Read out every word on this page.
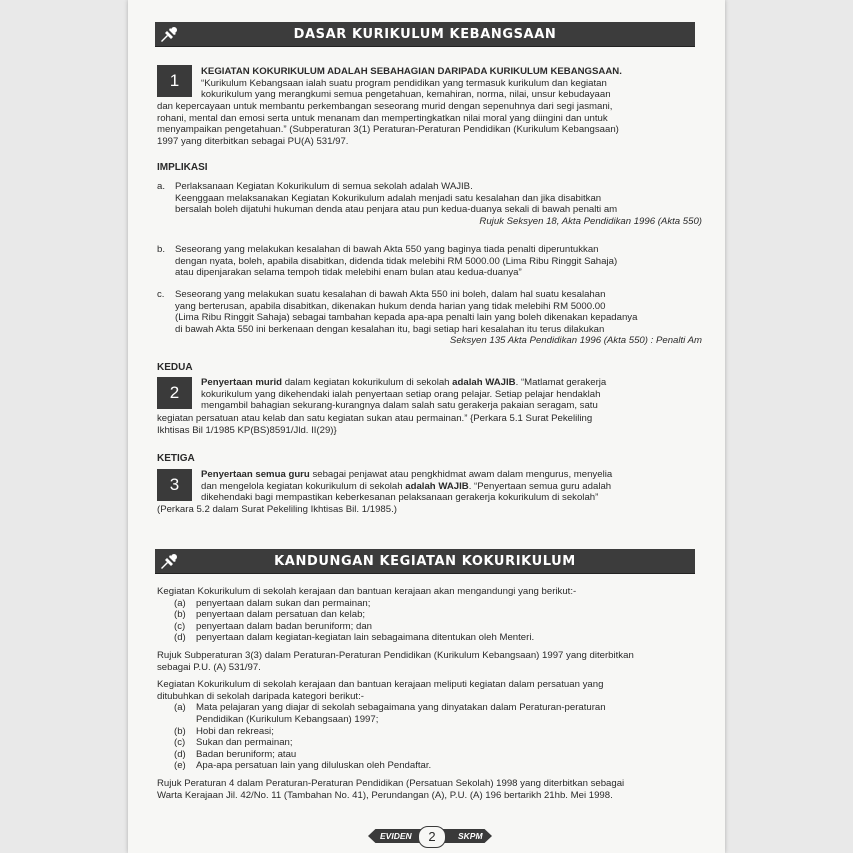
DASAR KURIKULUM KEBANGSAAN
1	KEGIATAN KOKURIKULUM ADALAH SEBAHAGIAN DARIPADA KURIKULUM KEBANGSAAN.

“Kurikulum Kebangsaan ialah suatu program pendidikan yang termasuk kurikulum dan kegiatan

kokurikulum yang merangkumi semua pengetahuan, kemahiran, norma, nilai, unsur kebudayaan

dan kepercayaan untuk membantu perkembangan seseorang murid dengan sepenuhnya dari segi jasmani,

rohani, mental dan emosi serta untuk menanam dan mempertingkatkan nilai moral yang diingini dan untuk

menyampaikan pengetahuan.” (Subperaturan 3(1) Peraturan-Peraturan Pendidikan (Kurikulum Kebangsaan)

1997 yang diterbitkan sebagai PU(A) 531/97.

IMPLIKASI
a.	Perlaksanaan Kegiatan Kokurikulum di semua sekolah adalah WAJIB.

Keenggaan melaksanakan Kegiatan Kokurikulum adalah menjadi satu kesalahan dan jika disabitkan

bersalah boleh dijatuhi hukuman denda atau penjara atau pun kedua-duanya sekali di bawah penalti am

Rujuk Seksyen 18, Akta Pendidikan 1996 (Akta 550)

b.	Seseorang yang melakukan kesalahan di bawah Akta 550 yang baginya tiada penalti diperuntukkan

dengan nyata, boleh, apabila disabitkan, didenda tidak melebihi RM 5000.00 (Lima Ribu Ringgit Sahaja)

atau dipenjarakan selama tempoh tidak melebihi enam bulan atau kedua-duanya”

c.	Seseorang yang melakukan suatu kesalahan di bawah Akta 550 ini boleh, dalam hal suatu kesalahan

yang berterusan, apabila disabitkan, dikenakan hukum denda harian yang tidak melebihi RM 5000.00

(Lima Ribu Ringgit Sahaja) sebagai tambahan kepada apa-apa penalti lain yang boleh dikenakan kepadanya

di bawah Akta 550 ini berkenaan dengan kesalahan itu, bagi setiap hari kesalahan itu terus dilakukan

Seksyen 135 Akta Pendidikan 1996 (Akta 550) : Penalti Am

KEDUA
2

Penyertaan murid dalam kegiatan kokurikulum di sekolah adalah WAJIB. “Matlamat gerakerja

kokurikulum yang dikehendaki ialah penyertaan setiap orang pelajar. Setiap pelajar hendaklah

mengambil bahagian sekurang-kurangnya dalam salah satu gerakerja pakaian seragam, satu

kegiatan persatuan atau kelab dan satu kegiatan sukan atau permainan.” {Perkara 5.1 Surat Pekeliling

Ikhtisas Bil 1/1985 KP(BS)8591/Jld. II(29)}

KETIGA
3

Penyertaan semua guru sebagai penjawat atau pengkhidmat awam dalam mengurus, menyelia

dan mengelola kegiatan kokurikulum di sekolah adalah WAJIB. “Penyertaan semua guru adalah

dikehendaki bagi mempastikan keberkesanan pelaksanaan gerakerja kokurikulum di sekolah”

(Perkara 5.2 dalam Surat Pekeliling Ikhtisas Bil. 1/1985.)

KANDUNGAN KEGIATAN KOKURIKULUM

Kegiatan Kokurikulum di sekolah kerajaan dan bantuan kerajaan akan mengandungi yang berikut:-

(a)	penyertaan dalam sukan dan permainan;
(b)	penyertaan dalam persatuan dan kelab;
(c)	penyertaan dalam badan beruniform; dan
(d)	penyertaan dalam kegiatan-kegiatan lain sebagaimana ditentukan oleh Menteri.

Rujuk Subperaturan 3(3) dalam Peraturan-Peraturan Pendidikan (Kurikulum Kebangsaan) 1997 yang diterbitkan

sebagai P.U. (A) 531/97.

Kegiatan Kokurikulum di sekolah kerajaan dan bantuan kerajaan meliputi kegiatan dalam persatuan yang

ditubuhkan di sekolah daripada kategori berikut:-

(a)	Mata pelajaran yang diajar di sekolah sebagaimana yang dinyatakan dalam Peraturan-peraturan
Pendidikan (Kurikulum Kebangsaan) 1997;
(b)	Hobi dan rekreasi;
(c)	Sukan dan permainan;
(d)	Badan beruniform; atau
(e)	Apa-apa persatuan lain yang diluluskan oleh Pendaftar.

Rujuk Peraturan 4 dalam Peraturan-Peraturan Pendidikan (Persatuan Sekolah) 1998 yang diterbitkan sebagai

Warta Kerajaan Jil. 42/No. 11 (Tambahan No. 41), Perundangan (A), P.U. (A) 196 bertarikh 21hb. Mei 1998.

EVIDEN	SKPM
2
